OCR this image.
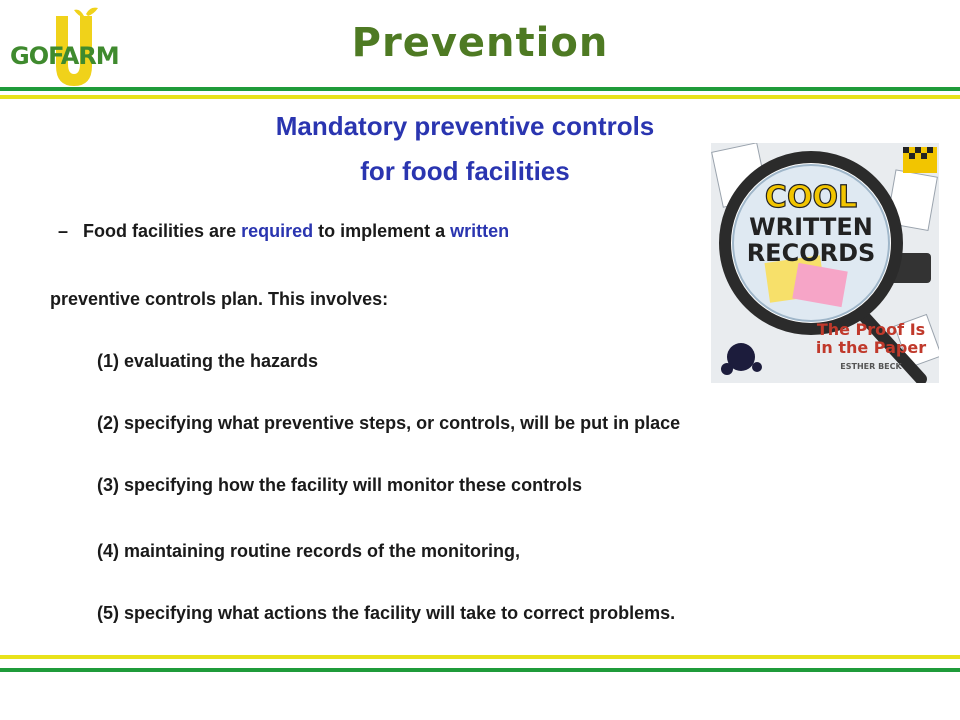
GOFARM	Prevention
Mandatory preventive controls
for food facilities
– Food facilities are required to implement a written
preventive controls plan. This involves:
(1) evaluating the hazards
(2) specifying what preventive steps, or controls, will be put in place
(3) specifying how the facility will monitor these controls
(4) maintaining routine records of the monitoring,
(5) specifying what actions the facility will take to correct problems.
COOL
WRITTEN
RECORDS
The Proof Is
in the Paper
ESTHER BECK
